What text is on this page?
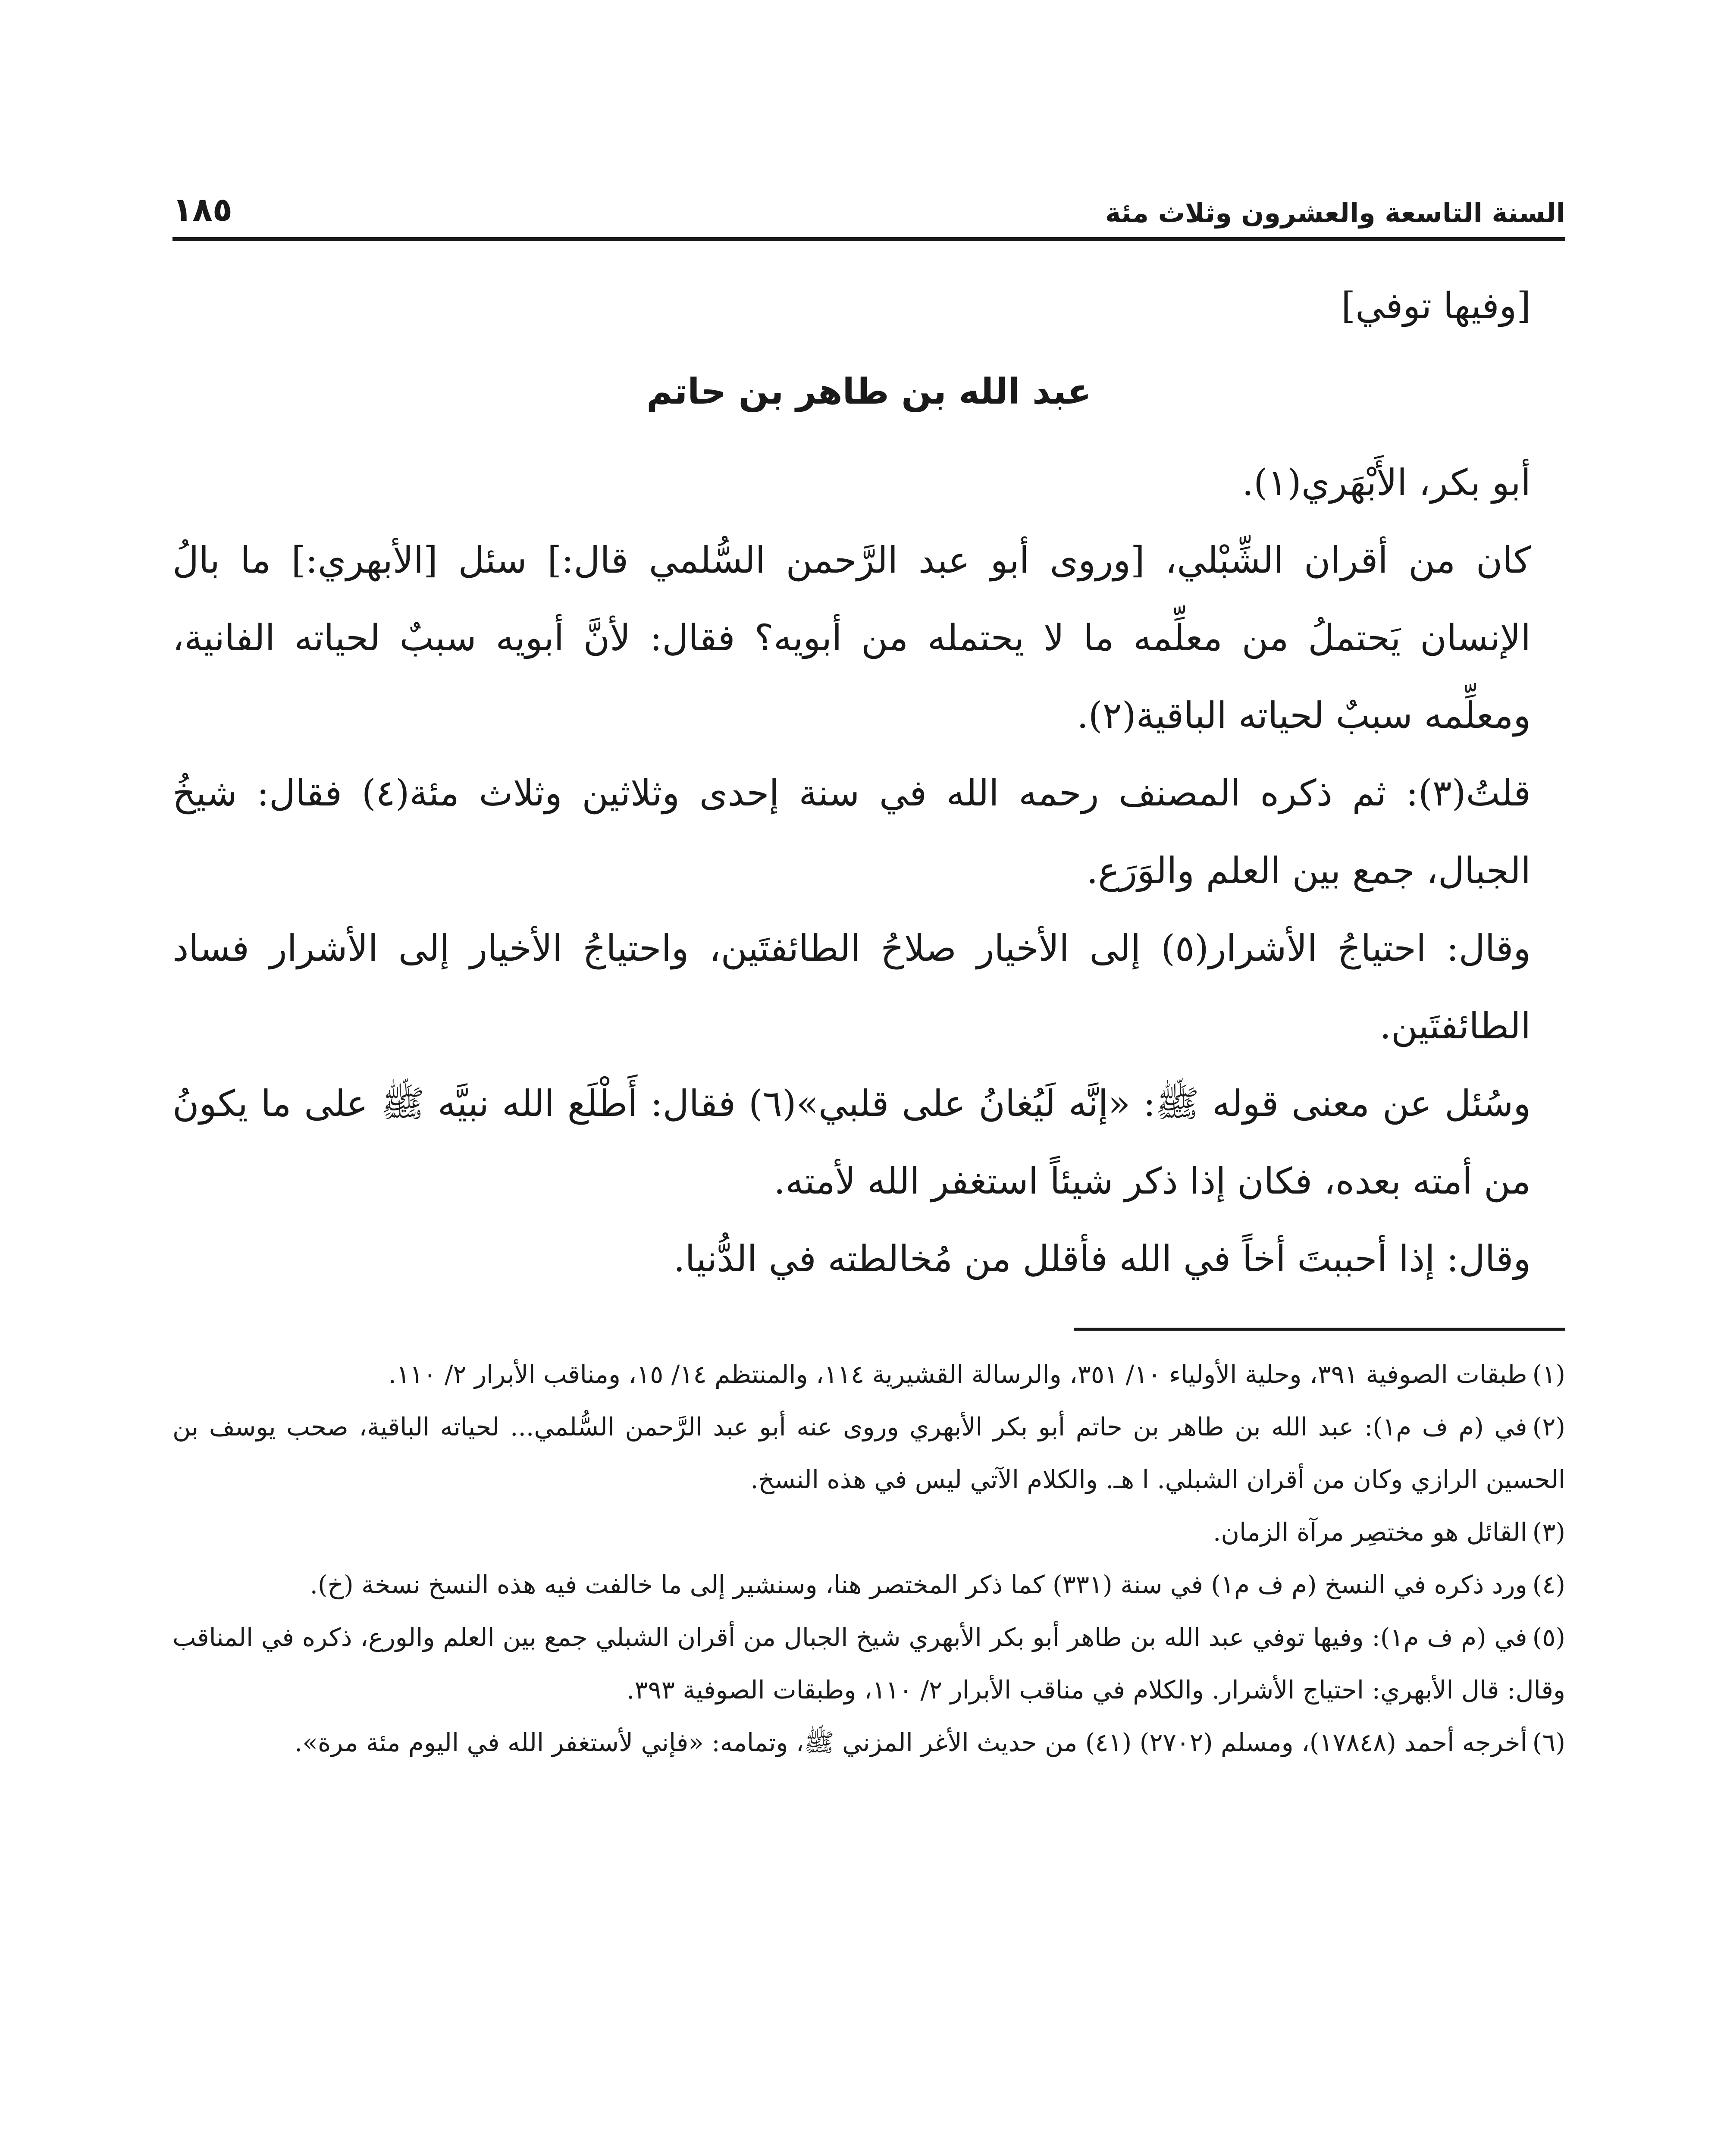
السنة التاسعة والعشرون وثلاث مئة
١٨٥

[وفيها توفي]

عبد الله بن طاهر بن حاتم

أبو بكر، الأَبْهَري(١).

كان من أقران الشِّبْلي، [وروى أبو عبد الرَّحمن السُّلمي قال:] سئل [الأبهري:] ما بالُ الإنسان يَحتملُ من معلِّمه ما لا يحتمله من أبويه؟ فقال: لأنَّ أبويه سببٌ لحياته الفانية، ومعلِّمه سببٌ لحياته الباقية(٢).

قلتُ(٣): ثم ذكره المصنف رحمه الله في سنة إحدى وثلاثين وثلاث مئة(٤) فقال: شيخُ الجبال، جمع بين العلم والوَرَع.

وقال: احتياجُ الأشرار(٥) إلى الأخيار صلاحُ الطائفتَين، واحتياجُ الأخيار إلى الأشرار فساد الطائفتَين.

وسُئل عن معنى قوله ﷺ: «إنَّه لَيُغانُ على قلبي»(٦) فقال: أَطْلَع الله نبيَّه ﷺ على ما يكونُ من أمته بعده، فكان إذا ذكر شيئاً استغفر الله لأمته.

وقال: إذا أحببتَ أخاً في الله فأقلل من مُخالطته في الدُّنيا.

(١)طبقات الصوفية ٣٩١، وحلية الأولياء ١٠/ ٣٥١، والرسالة القشيرية ١١٤، والمنتظم ١٤/ ١٥، ومناقب الأبرار ٢/ ١١٠.

(٢)في (م ف م١): عبد الله بن طاهر بن حاتم أبو بكر الأبهري وروى عنه أبو عبد الرَّحمن السُّلمي... لحياته الباقية، صحب يوسف بن الحسين الرازي وكان من أقران الشبلي. ا هـ. والكلام الآتي ليس في هذه النسخ.

(٣)القائل هو مختصِر مرآة الزمان.

(٤)ورد ذكره في النسخ (م ف م١) في سنة (٣٣١) كما ذكر المختصر هنا، وسنشير إلى ما خالفت فيه هذه النسخ نسخة (خ).

(٥)في (م ف م١): وفيها توفي عبد الله بن طاهر أبو بكر الأبهري شيخ الجبال من أقران الشبلي جمع بين العلم والورع، ذكره في المناقب وقال: قال الأبهري: احتياج الأشرار. والكلام في مناقب الأبرار ٢/ ١١٠، وطبقات الصوفية ٣٩٣.

(٦)أخرجه أحمد (١٧٨٤٨)، ومسلم (٢٧٠٢) (٤١) من حديث الأغر المزني ﷺ، وتمامه: «فإني لأستغفر الله في اليوم مئة مرة».
